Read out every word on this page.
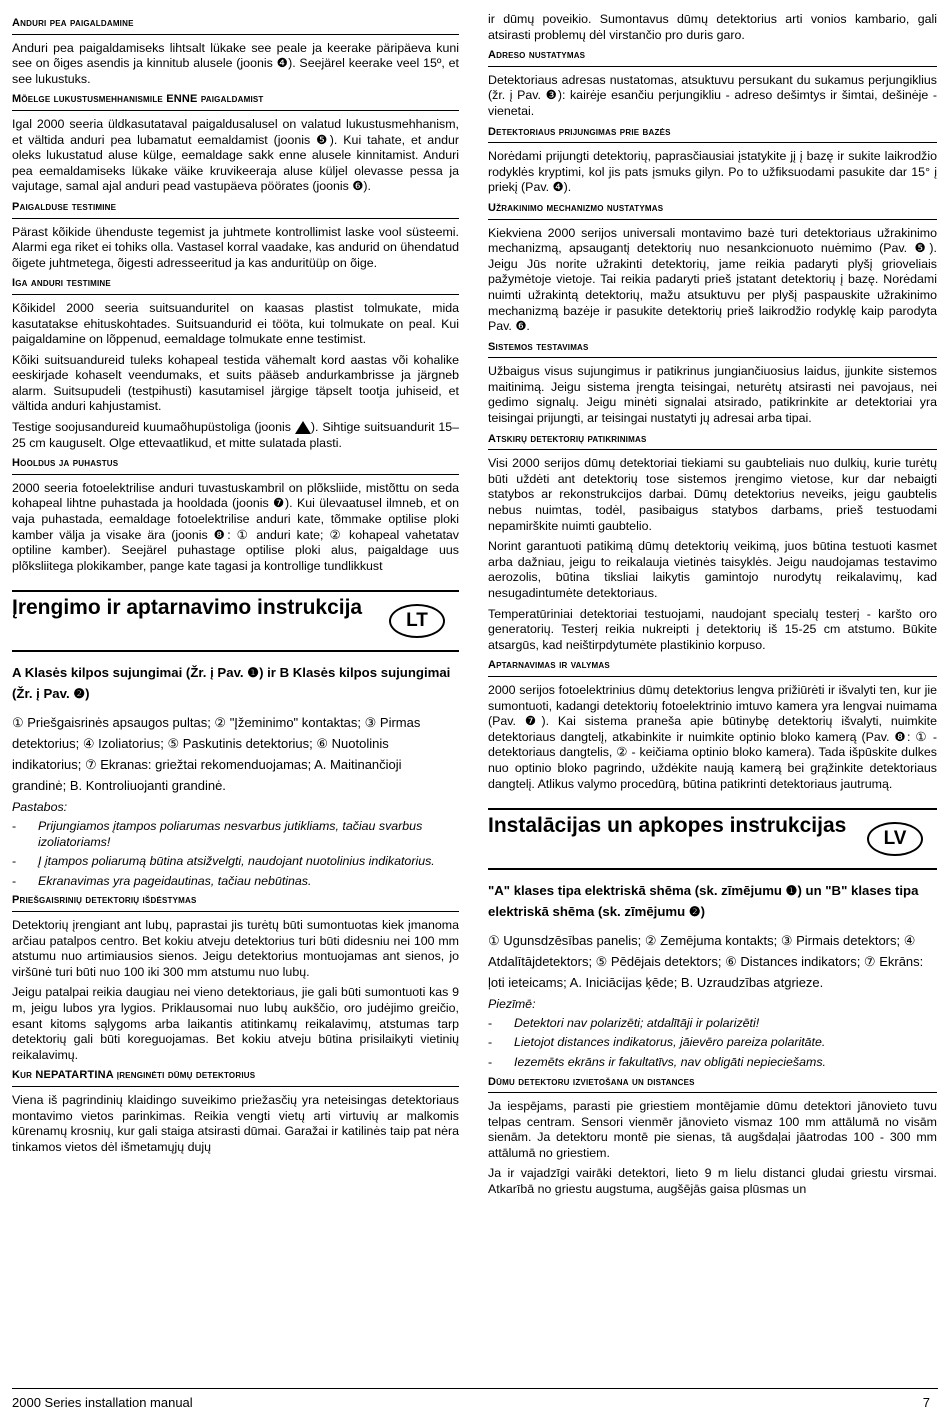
Anduri pea paigaldamine

Anduri pea paigaldamiseks lihtsalt lükake see peale ja keerake päripäeva kuni see on õiges asendis ja kinnitub alusele (joonis ❹). Seejärel keerake veel 15º, et see lukustuks.

Mõelge lukustusmehhanismile ENNE paigaldamist

Igal 2000 seeria üldkasutataval paigaldusalusel on valatud lukustusmehhanism, et vältida anduri pea lubamatut eemaldamist (joonis ❺). Kui tahate, et andur oleks lukustatud aluse külge, eemaldage sakk enne alusele kinnitamist. Anduri pea eemaldamiseks lükake väike kruvikeeraja aluse küljel olevasse pessa ja vajutage, samal ajal anduri pead vastupäeva pöörates (joonis ❻).

Paigalduse testimine

Pärast kõikide ühenduste tegemist ja juhtmete kontrollimist laske vool süsteemi. Alarmi ega riket ei tohiks olla. Vastasel korral vaadake, kas andurid on ühendatud õigete juhtmetega, õigesti adresseeritud ja kas anduritüüp on õige.

Iga anduri testimine

Kõikidel 2000 seeria suitsuanduritel on kaasas plastist tolmukate, mida kasutatakse ehituskohtades. Suitsuandurid ei tööta, kui tolmukate on peal. Kui paigaldamine on lõppenud, eemaldage tolmukate enne testimist.

Kõiki suitsuandureid tuleks kohapeal testida vähemalt kord aastas või kohalike eeskirjade kohaselt veendumaks, et suits pääseb andurkambrisse ja järgneb alarm. Suitsupudeli (testpihusti) kasutamisel järgige täpselt tootja juhiseid, et vältida anduri kahjustamist.

Testige soojusandureid kuumaõhupüstoliga (joonis ). Sihtige suitsuandurit 15–25 cm kauguselt. Olge ettevaatlikud, et mitte sulatada plasti.

Hooldus ja puhastus

2000 seeria fotoelektrilise anduri tuvastuskambril on plõksliide, mistõttu on seda kohapeal lihtne puhastada ja hooldada (joonis ❼). Kui ülevaatusel ilmneb, et on vaja puhastada, eemaldage fotoelektrilise anduri kate, tõmmake optilise ploki kamber välja ja visake ära (joonis ❽: ① anduri kate; ② kohapeal vahetatav optiline kamber). Seejärel puhastage optilise ploki alus, paigaldage uus plõksliitega plokikamber, pange kate tagasi ja kontrollige tundlikkust

Įrengimo ir aptarnavimo instrukcija
LT
A Klasės kilpos sujungimai (Žr. į Pav. ❶) ir B Klasės kilpos sujungimai (Žr. į Pav. ❷)
① Priešgaisrinės apsaugos pultas; ② "Įžeminimo" kontaktas; ③ Pirmas detektorius; ④ Izoliatorius; ⑤ Paskutinis detektorius; ⑥ Nuotolinis indikatorius; ⑦ Ekranas: griežtai rekomenduojamas; A. Maitinančioji grandinė; B. Kontroliuojanti grandinė.
Pastabos:
-	Prijungiamos įtampos poliarumas nesvarbus jutikliams, tačiau svarbus izoliatoriams!
-	Į įtampos poliarumą būtina atsižvelgti, naudojant nuotolinius indikatorius.
-	Ekranavimas yra pageidautinas, tačiau nebūtinas.
Priešgaisrinių detektorių išdėstymas

Detektorių įrengiant ant lubų, paprastai jis turėtų būti sumontuotas kiek įmanoma arčiau patalpos centro. Bet kokiu atveju detektorius turi būti didesniu nei 100 mm atstumu nuo artimiausios sienos. Jeigu detektorius montuojamas ant sienos, jo viršūnė turi būti nuo 100 iki 300 mm atstumu nuo lubų.

Jeigu patalpai reikia daugiau nei vieno detektoriaus, jie gali būti sumontuoti kas 9 m, jeigu lubos yra lygios. Priklausomai nuo lubų aukščio, oro judėjimo greičio, esant kitoms sąlygoms arba laikantis atitinkamų reikalavimų, atstumas tarp detektorių gali būti koreguojamas. Bet kokiu atveju būtina prisilaikyti vietinių reikalavimų.

Kur NEPATARTINA įrenginėti dūmų detektorius

Viena iš pagrindinių klaidingo suveikimo priežasčių yra neteisingas detektoriaus montavimo vietos parinkimas. Reikia vengti vietų arti virtuvių ar malkomis kūrenamų krosnių, kur gali staiga atsirasti dūmai. Garažai ir katilinės taip pat nėra tinkamos vietos dėl išmetamųjų dujų

ir dūmų poveikio. Sumontavus dūmų detektorius arti vonios kambario, gali atsirasti problemų dėl virstančio pro duris garo.

Adreso nustatymas

Detektoriaus adresas nustatomas, atsuktuvu persukant du sukamus perjungiklius (žr. į Pav. ❸): kairėje esančiu perjungikliu - adreso dešimtys ir šimtai, dešinėje - vienetai.

Detektoriaus prijungimas prie bazės

Norėdami prijungti detektorių, paprasčiausiai įstatykite jį į bazę ir sukite laikrodžio rodyklės kryptimi, kol jis pats įsmuks gilyn. Po to užfiksuodami pasukite dar 15° į priekį (Pav. ❹).

Užrakinimo mechanizmo nustatymas

Kiekviena 2000 serijos universali montavimo bazė turi detektoriaus užrakinimo mechanizmą, apsaugantį detektorių nuo nesankcionuoto nuėmimo (Pav. ❺). Jeigu Jūs norite užrakinti detektorių, jame reikia padaryti plyšį grioveliais pažymėtoje vietoje. Tai reikia padaryti prieš įstatant detektorių į bazę. Norėdami nuimti užrakintą detektorių, mažu atsuktuvu per plyšį paspauskite užrakinimo mechanizmą bazėje ir pasukite detektorių prieš laikrodžio rodyklę kaip parodyta Pav. ❻.

Sistemos testavimas

Užbaigus visus sujungimus ir patikrinus jungiančiuosius laidus, įjunkite sistemos maitinimą. Jeigu sistema įrengta teisingai, neturėtų atsirasti nei pavojaus, nei gedimo signalų. Jeigu minėti signalai atsirado, patikrinkite ar detektoriai yra teisingai prijungti, ar teisingai nustatyti jų adresai arba tipai.

Atskirų detektorių patikrinimas

Visi 2000 serijos dūmų detektoriai tiekiami su gaubteliais nuo dulkių, kurie turėtų būti uždėti ant detektorių tose sistemos įrengimo vietose, kur dar nebaigti statybos ar rekonstrukcijos darbai. Dūmų detektorius neveiks, jeigu gaubtelis nebus nuimtas, todėl, pasibaigus statybos darbams, prieš testuodami nepamirškite nuimti gaubtelio.

Norint garantuoti patikimą dūmų detektorių veikimą, juos būtina testuoti kasmet arba dažniau, jeigu to reikalauja vietinės taisyklės. Jeigu naudojamas testavimo aerozolis, būtina tiksliai laikytis gamintojo nurodytų reikalavimų, kad nesugadintumėte detektoriaus.

Temperatūriniai detektoriai testuojami, naudojant specialų testerį - karšto oro generatorių. Testerį reikia nukreipti į detektorių iš 15-25 cm atstumo. Būkite atsargūs, kad neištirpdytumėte plastikinio korpuso.

Aptarnavimas ir valymas

2000 serijos fotoelektrinius dūmų detektorius lengva prižiūrėti ir išvalyti ten, kur jie sumontuoti, kadangi detektorių fotoelektrinio imtuvo kamera yra lengvai nuimama (Pav. ❼). Kai sistema praneša apie būtinybę detektorių išvalyti, nuimkite detektoriaus dangtelį, atkabinkite ir nuimkite optinio bloko kamerą (Pav. ❽: ① - detektoriaus dangtelis, ② - keičiama optinio bloko kamera). Tada išpūskite dulkes nuo optinio bloko pagrindo, uždėkite naują kamerą bei grąžinkite detektoriaus dangtelį. Atlikus valymo procedūrą, būtina patikrinti detektoriaus jautrumą.

Instalācijas un apkopes instrukcijas
LV
"A" klases tipa elektriskā shēma (sk. zīmējumu ❶) un "B" klases tipa elektriskā shēma (sk. zīmējumu ❷)
① Ugunsdzēsības panelis; ② Zemējuma kontakts; ③ Pirmais detektors; ④ Atdalītājdetektors; ⑤ Pēdējais detektors; ⑥ Distances indikators; ⑦ Ekrāns: ļoti ieteicams; A. Iniciācijas ķēde; B. Uzraudzības atgrieze.
Piezīmē:
-	Detektori nav polarizēti; atdalītāji ir polarizēti!
-	Lietojot distances indikatorus, jāievēro pareiza polaritāte.
-	Iezemēts ekrāns ir fakultatīvs, nav obligāti nepieciešams.
Dūmu detektoru izvietošana un distances

Ja iespējams, parasti pie griestiem montējamie dūmu detektori jānovieto tuvu telpas centram. Sensori vienmēr jānovieto vismaz 100 mm attālumā no visām sienām. Ja detektoru montē pie sienas, tā augšdaļai jāatrodas 100 - 300 mm attālumā no griestiem.

Ja ir vajadzīgi vairāki detektori, lieto 9 m lielu distanci gludai griestu virsmai. Atkarībā no griestu augstuma, augšējās gaisa plūsmas un

2000 Series installation manual	7
